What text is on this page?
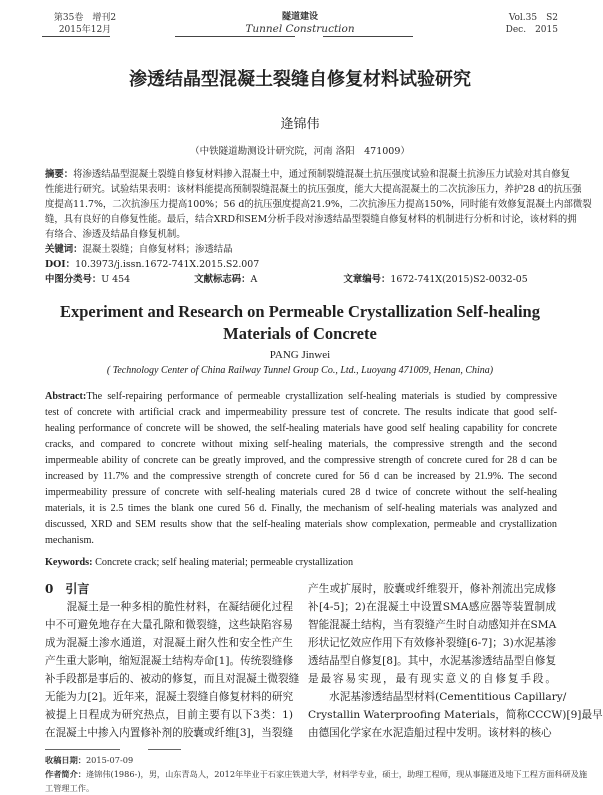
第35卷　增刊2
2015年12月
隧道建设
Tunnel Construction
Vol.35　S2
Dec.　2015
渗透结晶型混凝土裂缝自修复材料试验研究
逄锦伟
（中铁隧道勘测设计研究院，河南 洛阳　471009）
摘要：将渗透结晶型混凝土裂缝自修复材料掺入混凝土中，通过预制裂缝混凝土抗压强度试验和混凝土抗渗压力试验对其自修复
性能进行研究。试验结果表明：该材料能提高预制裂缝混凝土的抗压强度，能大大提高混凝土的二次抗渗压力，养护28 d的抗压强
度提高11.7%，二次抗渗压力提高100%；56 d的抗压强度提高21.9%，二次抗渗压力提高150%，同时能有效修复混凝土内部微裂
缝，具有良好的自修复性能。最后，结合XRD和SEM分析手段对渗透结晶型裂缝自修复材料的机制进行分析和讨论，该材料的拥
有络合、渗透及结晶自修复机制。
关键词：混凝土裂缝；自修复材料；渗透结晶
DOI：10.3973/j.issn.1672-741X.2015.S2.007
中图分类号：U 454	文献标志码：A	文章编号：1672-741X(2015)S2-0032-05
Experiment and Research on Permeable Crystallization Self-healing
Materials of Concrete
PANG Jinwei
( Technology Center of China Railway Tunnel Group Co., Ltd., Luoyang 471009, Henan, China)
Abstract:The self-repairing performance of permeable crystallization self-healing materials is studied by compressive
test of concrete with artificial crack and impermeability pressure test of concrete. The results indicate that good self-
healing performance of concrete will be showed, the self-healing materials have good self healing capability for concrete
cracks, and compared to concrete without mixing self-healing materials, the compressive strength and the second
impermeable ability of concrete can be greatly improved, and the compressive strength of concrete cured for 28 d can be
increased by 11.7% and the compressive strength of concrete cured for 56 d can be increased by 21.9%. The second
impermeability pressure of concrete with self-healing materials cured 28 d twice of concrete without the self-healing
materials, it is 2.5 times the blank one cured 56 d. Finally, the mechanism of self-healing materials was analyzed and
discussed, XRD and SEM results show that the self-healing materials show complexation, permeable and crystallization
mechanism.
Keywords: Concrete crack; self healing material; permeable crystallization
0　引言
　　混凝土是一种多相的脆性材料，在凝结硬化过程
中不可避免地存在大量孔隙和微裂缝，这些缺陷容易
成为混凝土渗水通道，对混凝土耐久性和安全性产生
产生重大影响，缩短混凝土结构寿命[1]。传统裂缝修
补手段都是事后的、被动的修复，而且对混凝土微裂缝
无能为力[2]。近年来，混凝土裂缝自修复材料的研究
被提上日程成为研究热点，目前主要有以下3类：1)
在混凝土中掺入内置修补剂的胶囊或纤维[3]，当裂缝
产生或扩展时，胶囊或纤维裂开，修补剂流出完成修
补[4-5]；2)在混凝土中设置SMA感应器等装置制成
智能混凝土结构，当有裂缝产生时自动感知并在SMA
形状记忆效应作用下有效修补裂缝[6-7]；3)水泥基渗
透结晶型自修复[8]。其中，水泥基渗透结晶型自修复
是最容易实现，最有现实意义的自修复手段。
　　水泥基渗透结晶型材料(Cementitious Capillary/
Crystallin Waterproofing Materials，简称CCCW)[9]最早
由德国化学家在水泥造船过程中发明。该材料的核心
收稿日期：2015-07-09
作者简介：逄锦伟(1986-)，男，山东青岛人，2012年毕业于石家庄铁道大学，材料学专业，硕士，助理工程师，现从事隧道及地下工程方面科研及施
工管理工作。
